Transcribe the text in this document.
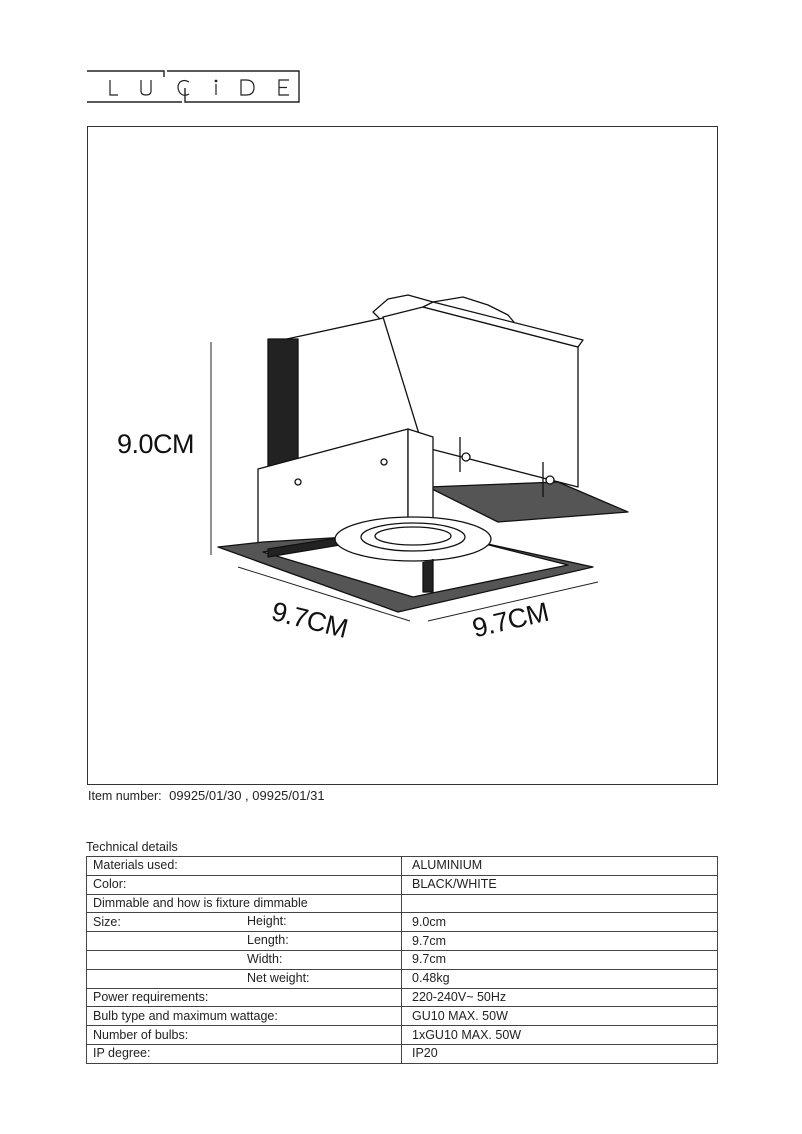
9.0CM
9.7CM	9.7CM
Item number: 09925/01/30 , 09925/01/31
Technical details
Materials used:	ALUMINIUM
Color:	BLACK/WHITE
Dimmable and how is fixture dimmable

Size: Height:	9.0cm

Length:	9.7cm

Width:	9.7cm

Net weight:	0.48kg
Power requirements:	220-240V~ 50Hz
Bulb type and maximum wattage:	GU10 MAX. 50W
Number of bulbs:	1xGU10 MAX. 50W
IP degree:	IP20
